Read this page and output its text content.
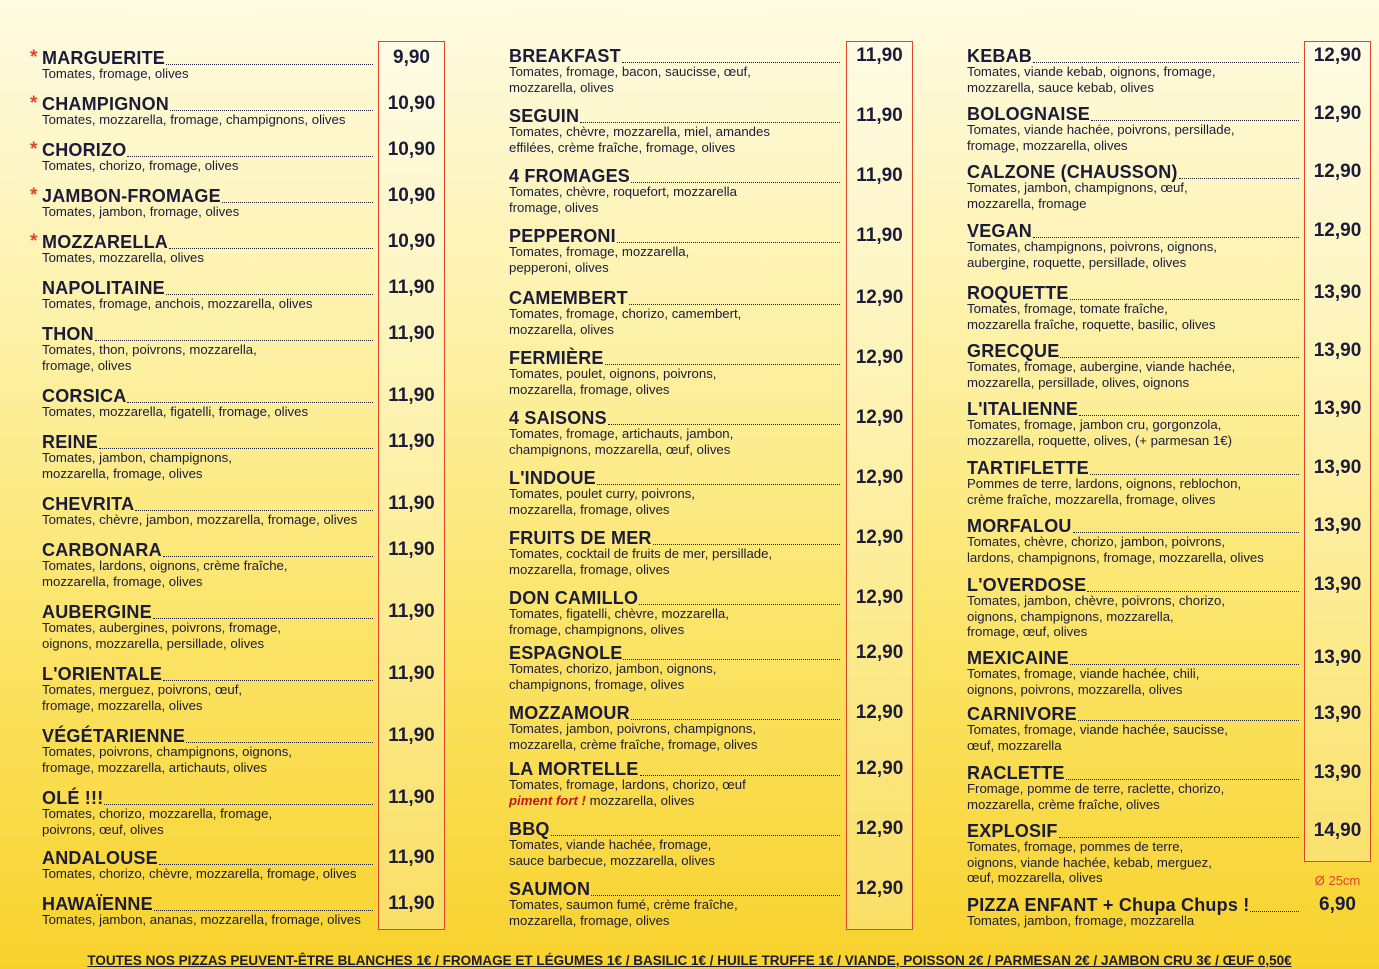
* MARGUERITE
Tomates, fromage, olives
9,90
* CHAMPIGNON
Tomates, mozzarella, fromage, champignons, olives
10,90
* CHORIZO
Tomates, chorizo, fromage, olives
10,90
* JAMBON-FROMAGE
Tomates, jambon, fromage, olives
10,90
* MOZZARELLA
Tomates, mozzarella, olives
10,90
NAPOLITAINE
Tomates, fromage, anchois, mozzarella, olives
11,90
THON
Tomates, thon, poivrons, mozzarella,
fromage, olives
11,90
CORSICA
Tomates, mozzarella, figatelli, fromage, olives
11,90
REINE
Tomates, jambon, champignons,
mozzarella, fromage, olives
11,90
CHEVRITA
Tomates, chèvre, jambon, mozzarella, fromage, olives
11,90
CARBONARA
Tomates, lardons, oignons, crème fraîche,
mozzarella, fromage, olives
11,90
AUBERGINE
Tomates, aubergines, poivrons, fromage,
oignons, mozzarella, persillade, olives
11,90
L'ORIENTALE
Tomates, merguez, poivrons, œuf,
fromage, mozzarella, olives
11,90
VÉGÉTARIENNE
Tomates, poivrons, champignons, oignons,
fromage, mozzarella, artichauts, olives
11,90
OLÉ !!!
Tomates, chorizo, mozzarella, fromage,
poivrons, œuf, olives
11,90
ANDALOUSE
Tomates, chorizo, chèvre, mozzarella, fromage, olives
11,90
HAWAÏENNE
Tomates, jambon, ananas, mozzarella, fromage, olives
11,90
BREAKFAST
Tomates, fromage, bacon, saucisse, œuf,
mozzarella, olives
11,90
SEGUIN
Tomates, chèvre, mozzarella, miel, amandes
effilées, crème fraîche, fromage, olives
11,90
4 FROMAGES
Tomates, chèvre, roquefort, mozzarella
fromage, olives
11,90
PEPPERONI
Tomates, fromage, mozzarella,
pepperoni, olives
11,90
CAMEMBERT
Tomates, fromage, chorizo, camembert,
mozzarella, olives
12,90
FERMIÈRE
Tomates, poulet, oignons, poivrons,
mozzarella, fromage, olives
12,90
4 SAISONS
Tomates, fromage, artichauts, jambon,
champignons, mozzarella, œuf, olives
12,90
L'INDOUE
Tomates, poulet curry, poivrons,
mozzarella, fromage, olives
12,90
FRUITS DE MER
Tomates, cocktail de fruits de mer, persillade,
mozzarella, fromage, olives
12,90
DON CAMILLO
Tomates, figatelli, chèvre, mozzarella,
fromage, champignons, olives
12,90
ESPAGNOLE
Tomates, chorizo, jambon, oignons,
champignons, fromage, olives
12,90
MOZZAMOUR
Tomates, jambon, poivrons, champignons,
mozzarella, crème fraîche, fromage, olives
12,90
LA MORTELLE
Tomates, fromage, lardons, chorizo, œuf
piment fort ! mozzarella, olives
12,90
BBQ
Tomates, viande hachée, fromage,
sauce barbecue, mozzarella, olives
12,90
SAUMON
Tomates, saumon fumé, crème fraîche,
mozzarella, fromage, olives
12,90
KEBAB
Tomates, viande kebab, oignons, fromage,
mozzarella, sauce kebab, olives
12,90
BOLOGNAISE
Tomates, viande hachée, poivrons, persillade,
fromage, mozzarella, olives
12,90
CALZONE (CHAUSSON)
Tomates, jambon, champignons, œuf,
mozzarella, fromage
12,90
VEGAN
Tomates, champignons, poivrons, oignons,
aubergine, roquette, persillade, olives
12,90
ROQUETTE
Tomates, fromage, tomate fraîche,
mozzarella fraîche, roquette, basilic, olives
13,90
GRECQUE
Tomates, fromage, aubergine, viande hachée,
mozzarella, persillade, olives, oignons
13,90
L'ITALIENNE
Tomates, fromage, jambon cru, gorgonzola,
mozzarella, roquette, olives, (+ parmesan 1€)
13,90
TARTIFLETTE
Pommes de terre, lardons, oignons, reblochon,
crème fraîche, mozzarella, fromage, olives
13,90
MORFALOU
Tomates, chèvre, chorizo, jambon, poivrons,
lardons, champignons, fromage, mozzarella, olives
13,90
L'OVERDOSE
Tomates, jambon, chèvre, poivrons, chorizo,
oignons, champignons, mozzarella,
fromage, œuf, olives
13,90
MEXICAINE
Tomates, fromage, viande hachée, chili,
oignons, poivrons, mozzarella, olives
13,90
CARNIVORE
Tomates, fromage, viande hachée, saucisse,
œuf, mozzarella
13,90
RACLETTE
Fromage, pomme de terre, raclette, chorizo,
mozzarella, crème fraîche, olives
13,90
EXPLOSIF
Tomates, fromage, pommes de terre,
oignons, viande hachée, kebab, merguez,
œuf, mozzarella, olives
14,90
PIZZA ENFANT + Chupa Chups !
Tomates, jambon, fromage, mozzarella
6,90
Ø 25cm
TOUTES NOS PIZZAS PEUVENT-ÊTRE BLANCHES 1€ / FROMAGE ET LÉGUMES 1€ / BASILIC 1€ / HUILE TRUFFE 1€ / VIANDE, POISSON 2€ / PARMESAN 2€ / JAMBON CRU 3€ / ŒUF 0,50€
